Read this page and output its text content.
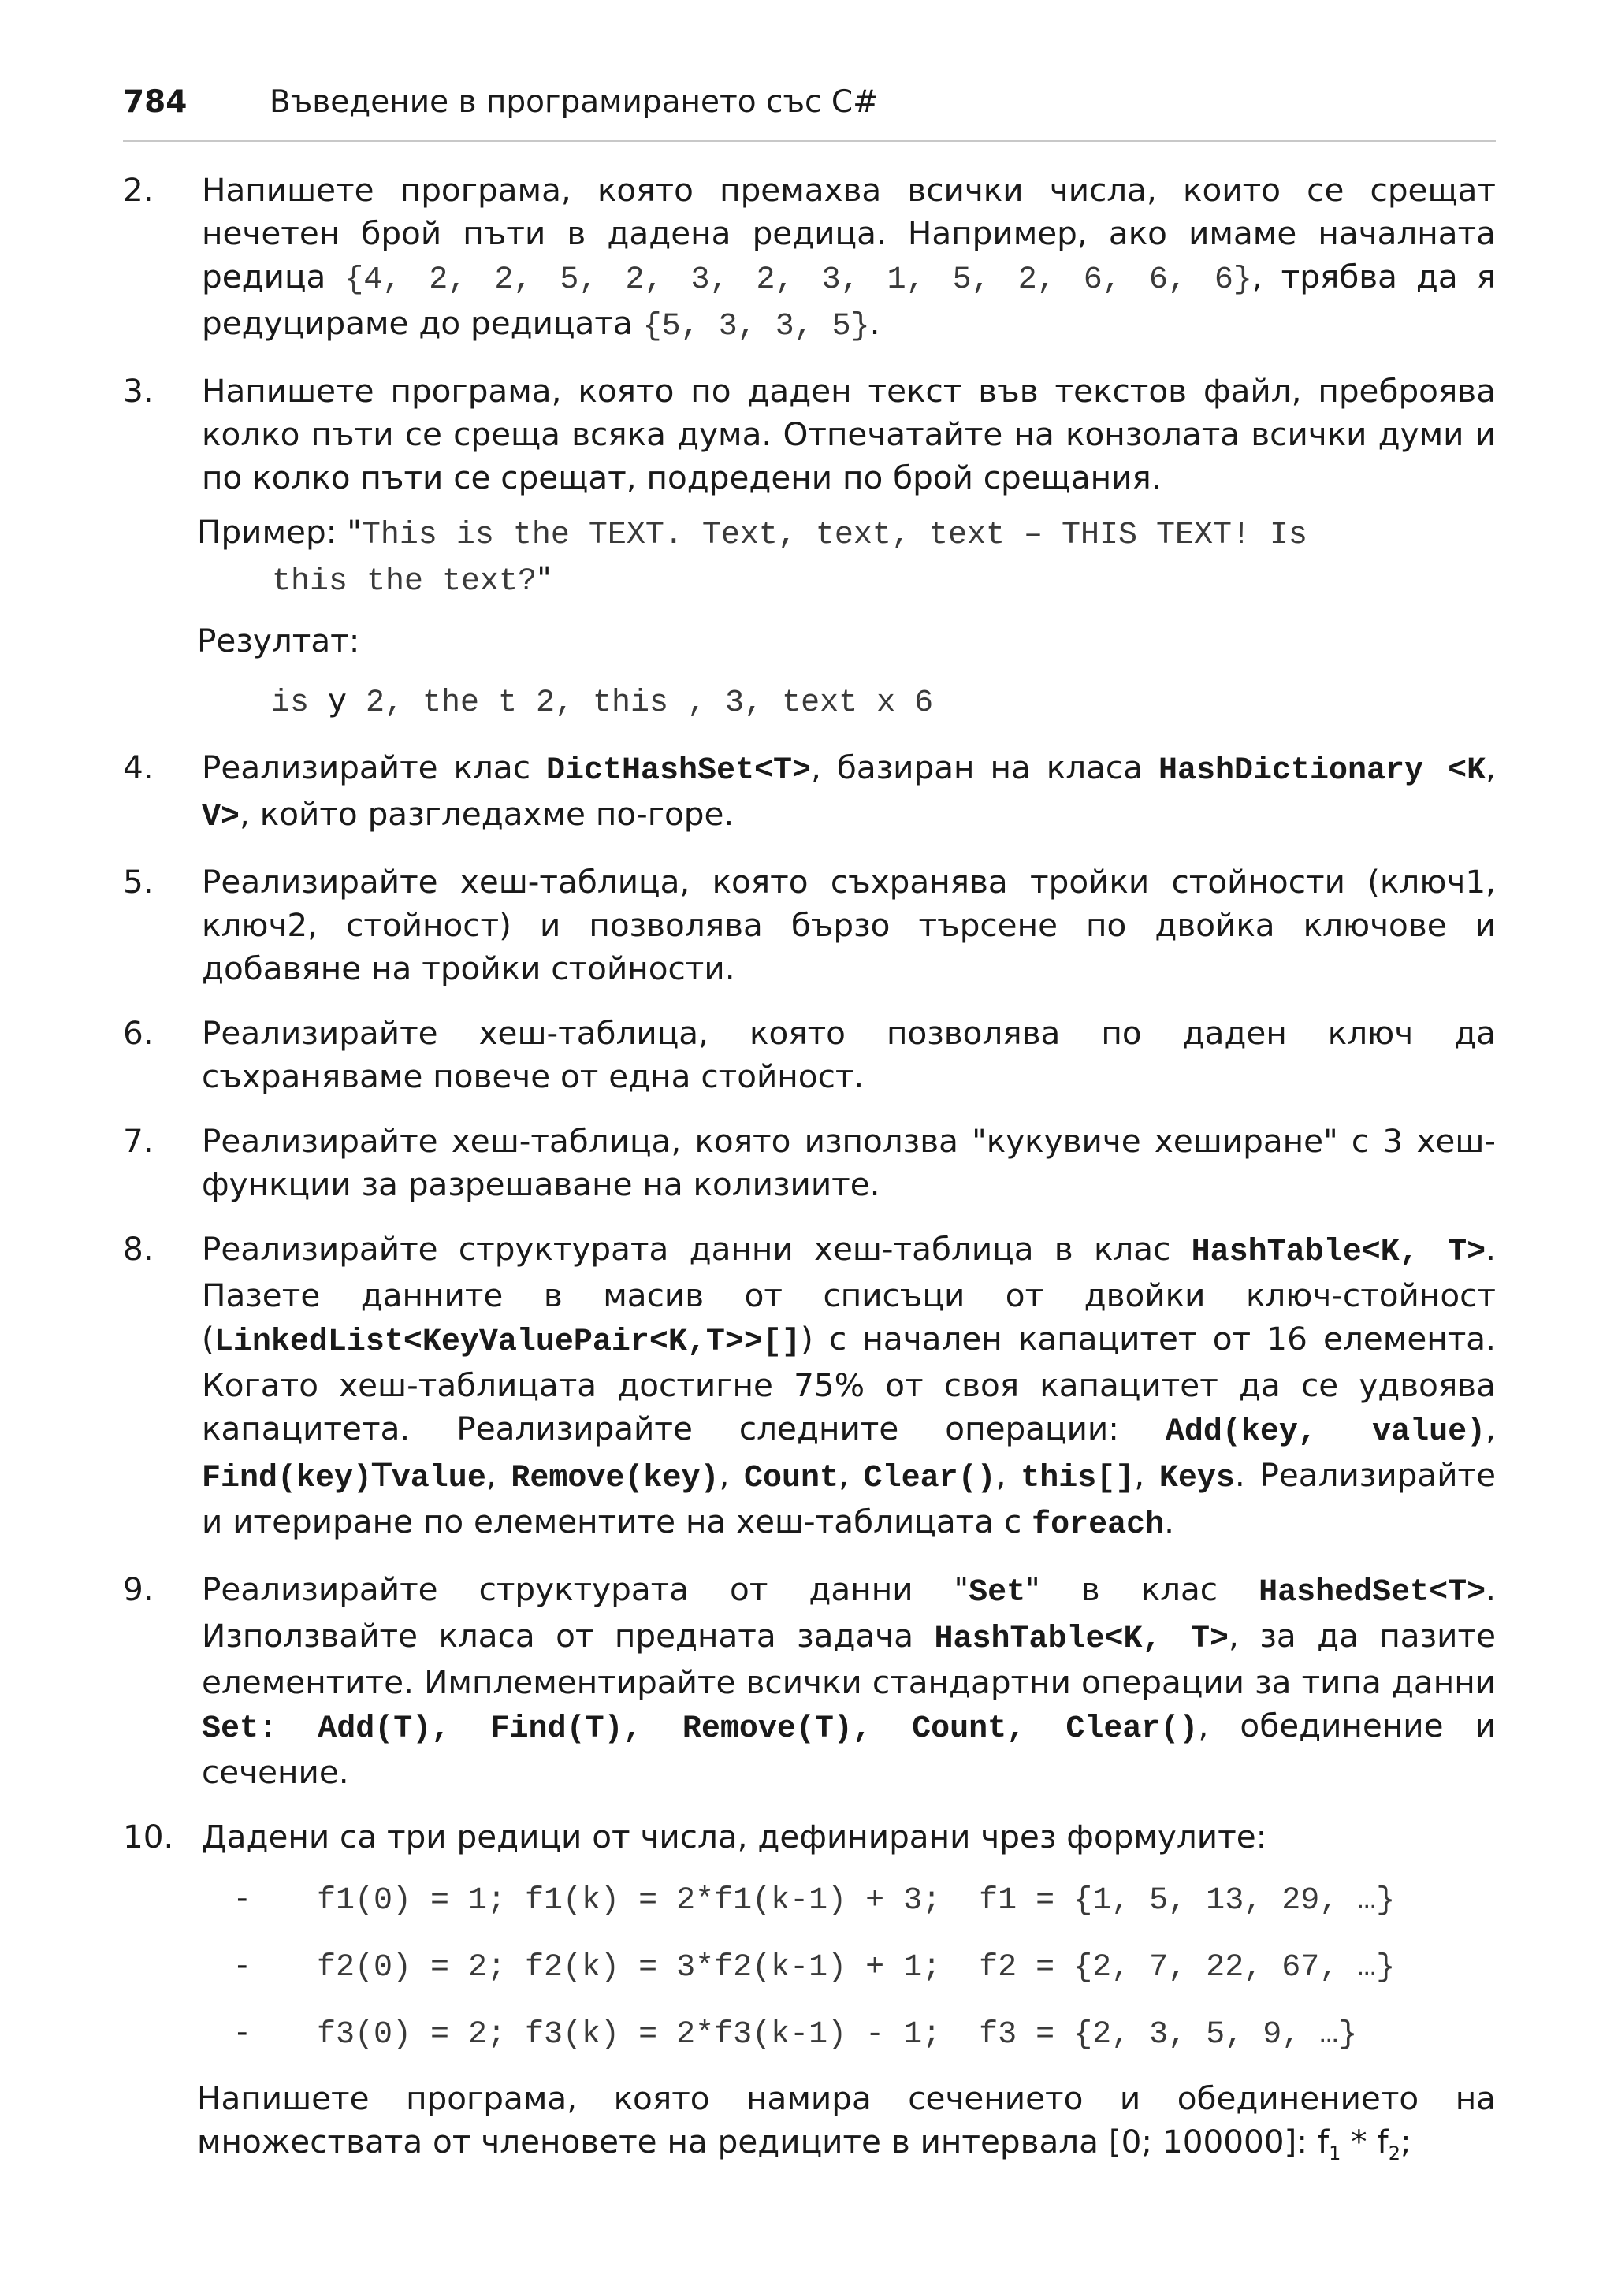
784	Въведение в програмирането със C#
2. Напишете програма, която премахва всички числа, които се срещат нечетен брой пъти в дадена редица. Например, ако имаме началната редица {4, 2, 2, 5, 2, 3, 2, 3, 1, 5, 2, 6, 6, 6}, трябва да я редуцираме до редицата {5, 3, 3, 5}.
3. Напишете програма, която по даден текст във текстов файл, преброява колко пъти се среща всяка дума. Отпечатайте на конзолата всички думи и по колко пъти се срещат, подредени по брой срещания.
Пример: "This is the TEXT. Text, text, text – THIS TEXT! Is
this the text?"
Резултат:
is у 2, the t 2, this , 3, text x 6
4. Реализирайте клас DictHashSet<T>, базиран на класа HashDictionary <K, V>, който разгледахме по-горе.
5. Реализирайте хеш-таблица, която съхранява тройки стойности (ключ1, ключ2, стойност) и позволява бързо търсене по двойка ключове и добавяне на тройки стойности.
6. Реализирайте хеш-таблица, която позволява по даден ключ да съхраняваме повече от една стойност.
7. Реализирайте хеш-таблица, която използва "кукувиче хеширане" с 3 хеш-функции за разрешаване на колизиите.
8. Реализирайте структурата данни хеш-таблица в клас HashTable<K, T>. Пазете данните в масив от списъци от двойки ключ-стойност (LinkedList<KeyValuePair<K,T>>[]) с начален капацитет от 16 елемента. Когато хеш-таблицата достигне 75% от своя капацитет да се удвоява капацитета. Реализирайте следните операции: Add(key, value), Find(key)Tvalue, Remove(key), Count, Clear(), this[], Keys. Реализирайте и итериране по елементите на хеш-таблицата с foreach.
9. Реализирайте структурата от данни "Set" в клас HashedSet<T>. Използвайте класа от предната задача HashTable<K, T>, за да пазите елементите. Имплементирайте всички стандартни операции за типа данни Set: Add(T), Find(T), Remove(T), Count, Clear(), обединение и сечение.
10. Дадени са три редици от числа, дефинирани чрез формулите:
- f1(0) = 1; f1(k) = 2*f1(k-1) + 3;  f1 = {1, 5, 13, 29, …}
- f2(0) = 2; f2(k) = 3*f2(k-1) + 1;  f2 = {2, 7, 22, 67, …}
- f3(0) = 2; f3(k) = 2*f3(k-1) - 1;  f3 = {2, 3, 5, 9, …}
Напишете програма, която намира сечението и обединението на множествата от членовете на редиците в интервала [0; 100000]: $f_1 * f_2$;
